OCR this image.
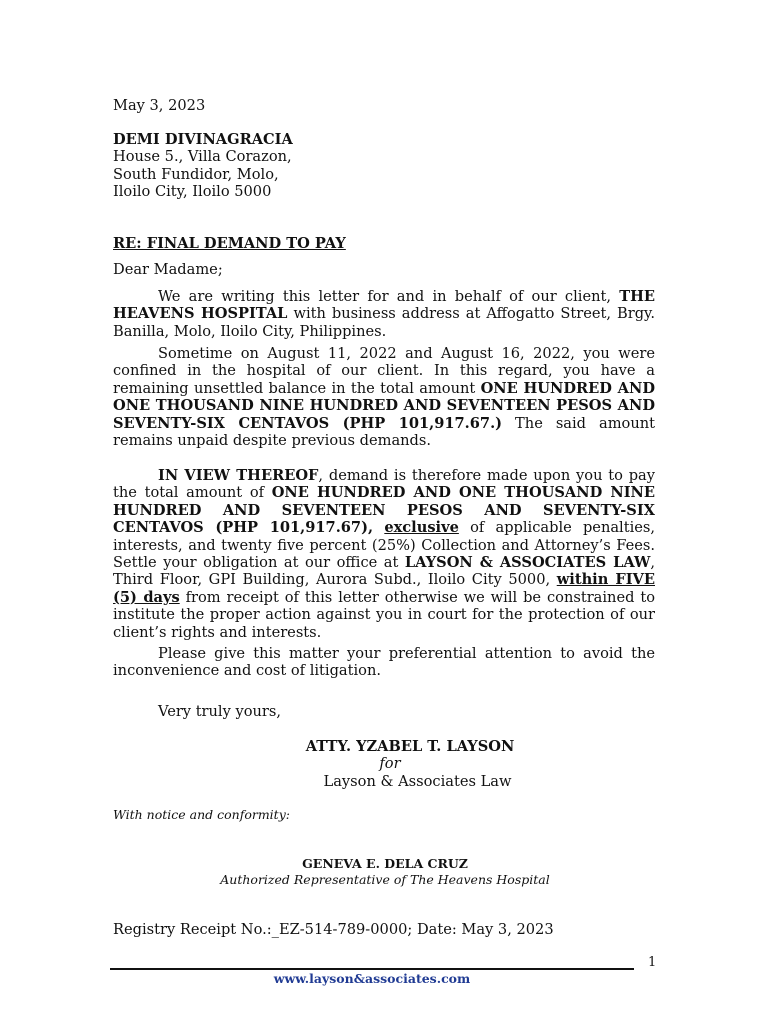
May 3, 2023
DEMI DIVINAGRACIA
House 5., Villa Corazon,
South Fundidor, Molo,
Iloilo City, Iloilo 5000
RE: FINAL DEMAND TO PAY
Dear Madame;
We are writing this letter for and in behalf of our client, THE HEAVENS HOSPITAL with business address at Affogatto Street, Brgy. Banilla, Molo, Iloilo City, Philippines.
Sometime on August 11, 2022 and August 16, 2022, you were confined in the hospital of our client. In this regard, you have a remaining unsettled balance in the total amount ONE HUNDRED AND ONE THOUSAND NINE HUNDRED AND SEVENTEEN PESOS AND SEVENTY-SIX CENTAVOS (PHP 101,917.67.) The said amount remains unpaid despite previous demands.
IN VIEW THEREOF, demand is therefore made upon you to pay the total amount of ONE HUNDRED AND ONE THOUSAND NINE HUNDRED AND SEVENTEEN PESOS AND SEVENTY-SIX CENTAVOS (PHP 101,917.67), exclusive of applicable penalties, interests, and twenty five percent (25%) Collection and Attorney’s Fees. Settle your obligation at our office at LAYSON & ASSOCIATES LAW, Third Floor, GPI Building, Aurora Subd., Iloilo City 5000, within FIVE (5) days from receipt of this letter otherwise we will be constrained to institute the proper action against you in court for the protection of our client’s rights and interests.
Please give this matter your preferential attention to avoid the inconvenience and cost of litigation.
Very truly yours,
ATTY. YZABEL T. LAYSON
for
Layson & Associates Law
With notice and conformity:
GENEVA E. DELA CRUZ
Authorized Representative of The Heavens Hospital
Registry Receipt No.:_EZ-514-789-0000; Date: May 3, 2023
1
www.layson&associates.com
